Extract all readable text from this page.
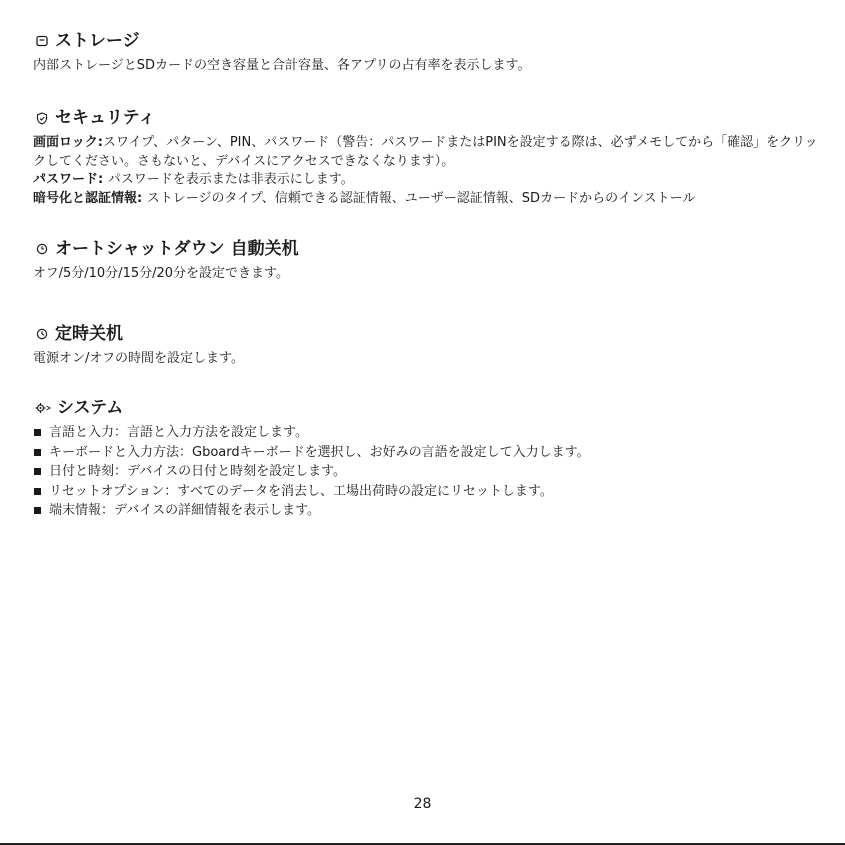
ストレージ

内部ストレージとSDカードの空き容量と合計容量、各アプリの占有率を表示します。

セキュリティ

画面ロック:スワイプ、パターン、PIN、パスワード（警告：パスワードまたはPINを設定する際は、必ずメモしてから「確認」をクリックしてください。さもないと、デバイスにアクセスできなくなります）。

パスワード: パスワードを表示または非表示にします。

暗号化と認証情報: ストレージのタイプ、信頼できる認証情報、ユーザー認証情報、SDカードからのインストール

オートシャットダウン 自動关机

オフ/5分/10分/15分/20分を設定できます。

定時关机

電源オン/オフの時間を設定します。

システム
言語と入力：言語と入力方法を設定します。
キーボードと入力方法：Gboardキーボードを選択し、お好みの言語を設定して入力します。
日付と時刻：デバイスの日付と時刻を設定します。
リセットオプション：すべてのデータを消去し、工場出荷時の設定にリセットします。
端末情報：デバイスの詳細情報を表示します。
28
